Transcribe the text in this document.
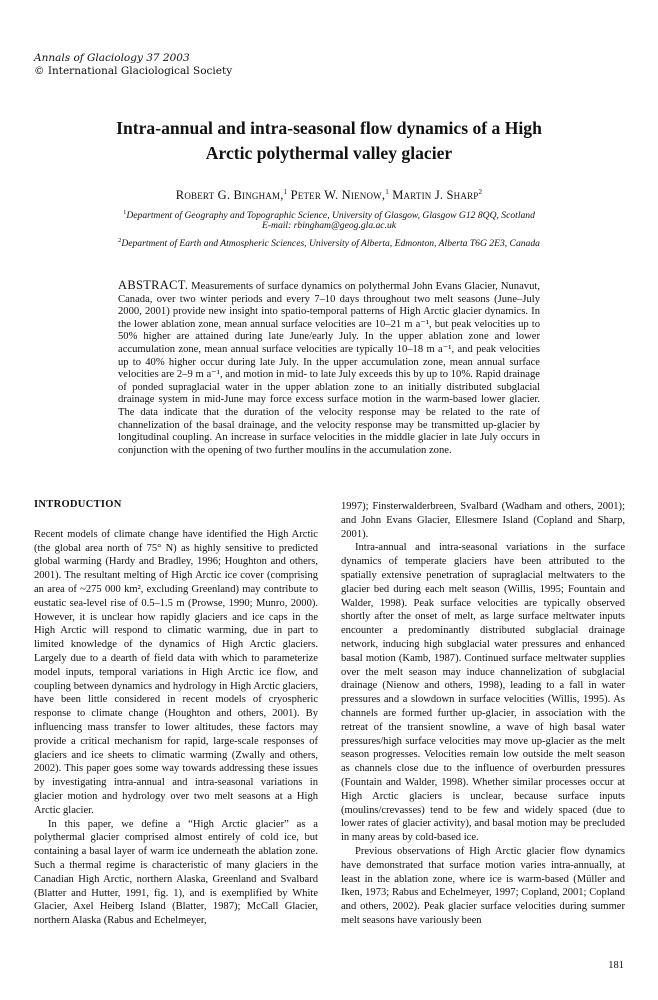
Annals of Glaciology 37 2003
© International Glaciological Society
Intra-annual and intra-seasonal flow dynamics of a High
Arctic polythermal valley glacier
Robert G. Bingham,$^1$ Peter W. Nienow,$^1$ Martin J. Sharp$^2$
$^1$Department of Geography and Topographic Science, University of Glasgow, Glasgow G12 8QQ, Scotland
E-mail: rbingham@geog.gla.ac.uk
$^2$Department of Earth and Atmospheric Sciences, University of Alberta, Edmonton, Alberta T6G 2E3, Canada
ABSTRACT. Measurements of surface dynamics on polythermal John Evans Glacier, Nunavut, Canada, over two winter periods and every 7–10 days throughout two melt seasons (June–July 2000, 2001) provide new insight into spatio-temporal patterns of High Arctic glacier dynamics. In the lower ablation zone, mean annual surface velocities are 10–21 m a⁻¹, but peak velocities up to 50% higher are attained during late June/early July. In the upper ablation zone and lower accumulation zone, mean annual surface velocities are typically 10–18 m a⁻¹, and peak velocities up to 40% higher occur during late July. In the upper accumulation zone, mean annual surface velocities are 2–9 m a⁻¹, and motion in mid- to late July exceeds this by up to 10%. Rapid drainage of ponded supraglacial water in the upper ablation zone to an initially distributed subglacial drainage system in mid-June may force excess surface motion in the warm-based lower glacier. The data indicate that the duration of the velocity response may be related to the rate of channelization of the basal drainage, and the velocity response may be transmitted up-glacier by longitudinal coupling. An increase in surface velocities in the middle glacier in late July occurs in conjunction with the opening of two further moulins in the accumulation zone.
INTRODUCTION

Recent models of climate change have identified the High Arctic (the global area north of 75° N) as highly sensitive to predicted global warming (Hardy and Bradley, 1996; Houghton and others, 2001). The resultant melting of High Arctic ice cover (comprising an area of ~275 000 km², excluding Greenland) may contribute to eustatic sea-level rise of 0.5–1.5 m (Prowse, 1990; Munro, 2000). However, it is unclear how rapidly glaciers and ice caps in the High Arctic will respond to climatic warming, due in part to limited knowledge of the dynamics of High Arctic glaciers. Largely due to a dearth of field data with which to parameterize model inputs, temporal variations in High Arctic ice flow, and coupling between dynamics and hydrology in High Arctic glaciers, have been little considered in recent models of cryospheric response to climate change (Houghton and others, 2001). By influencing mass transfer to lower altitudes, these factors may provide a critical mechanism for rapid, large-scale responses of glaciers and ice sheets to climatic warming (Zwally and others, 2002). This paper goes some way towards addressing these issues by investigating intra-annual and intra-seasonal variations in glacier motion and hydrology over two melt seasons at a High Arctic glacier.

In this paper, we define a “High Arctic glacier” as a polythermal glacier comprised almost entirely of cold ice, but containing a basal layer of warm ice underneath the ablation zone. Such a thermal regime is characteristic of many glaciers in the Canadian High Arctic, northern Alaska, Greenland and Svalbard (Blatter and Hutter, 1991, fig. 1), and is exemplified by White Glacier, Axel Heiberg Island (Blatter, 1987); McCall Glacier, northern Alaska (Rabus and Echelmeyer,

1997); Finsterwalderbreen, Svalbard (Wadham and others, 2001); and John Evans Glacier, Ellesmere Island (Copland and Sharp, 2001).

Intra-annual and intra-seasonal variations in the surface dynamics of temperate glaciers have been attributed to the spatially extensive penetration of supraglacial meltwaters to the glacier bed during each melt season (Willis, 1995; Fountain and Walder, 1998). Peak surface velocities are typically observed shortly after the onset of melt, as large surface meltwater inputs encounter a predominantly distributed subglacial drainage network, inducing high subglacial water pressures and enhanced basal motion (Kamb, 1987). Continued surface meltwater supplies over the melt season may induce channelization of subglacial drainage (Nienow and others, 1998), leading to a fall in water pressures and a slowdown in surface velocities (Willis, 1995). As channels are formed further up-glacier, in association with the retreat of the transient snowline, a wave of high basal water pressures/high surface velocities may move up-glacier as the melt season progresses. Velocities remain low outside the melt season as channels close due to the influence of overburden pressures (Fountain and Walder, 1998). Whether similar processes occur at High Arctic glaciers is unclear, because surface inputs (moulins/crevasses) tend to be few and widely spaced (due to lower rates of glacier activity), and basal motion may be precluded in many areas by cold-based ice.

Previous observations of High Arctic glacier flow dynamics have demonstrated that surface motion varies intra-annually, at least in the ablation zone, where ice is warm-based (Müller and Iken, 1973; Rabus and Echelmeyer, 1997; Copland, 2001; Copland and others, 2002). Peak glacier surface velocities during summer melt seasons have variously been

181
